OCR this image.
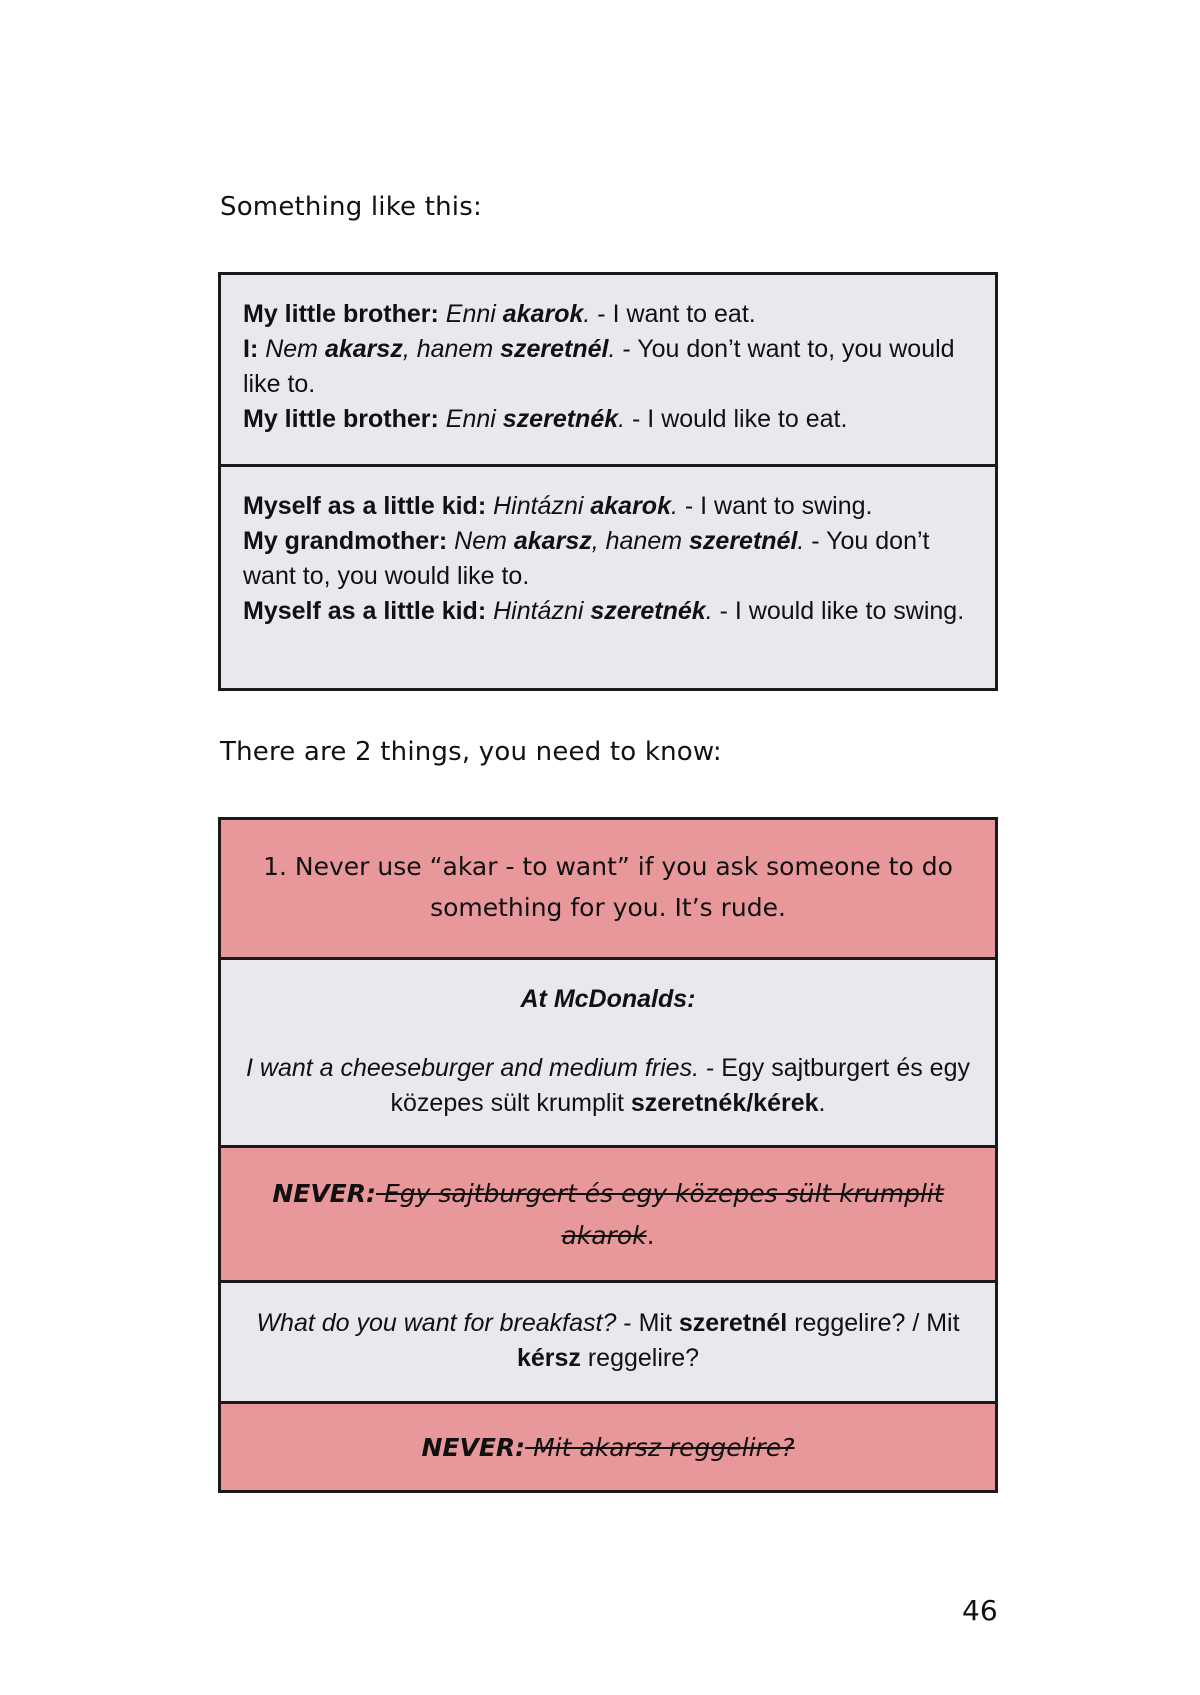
Something like this:
My little brother: Enni akarok. - I want to eat.
I: Nem akarsz, hanem szeretnél. - You don’t want to, you would like to.
My little brother: Enni szeretnék. - I would like to eat.
Myself as a little kid: Hintázni akarok. - I want to swing.
My grandmother: Nem akarsz, hanem szeretnél. - You don’t want to, you would like to.
Myself as a little kid: Hintázni szeretnék. - I would like to swing.
There are 2 things, you need to know:
1. Never use “akar - to want” if you ask someone to do something for you. It’s rude.
At McDonalds:
I want a cheeseburger and medium fries. - Egy sajtburgert és egy közepes sült krumplit szeretnék/kérek.
NEVER: Egy sajtburgert és egy közepes sült krumplit akarok.
What do you want for breakfast? - Mit szeretnél reggelire? / Mit kérsz reggelire?
NEVER: Mit akarsz reggelire?
46
